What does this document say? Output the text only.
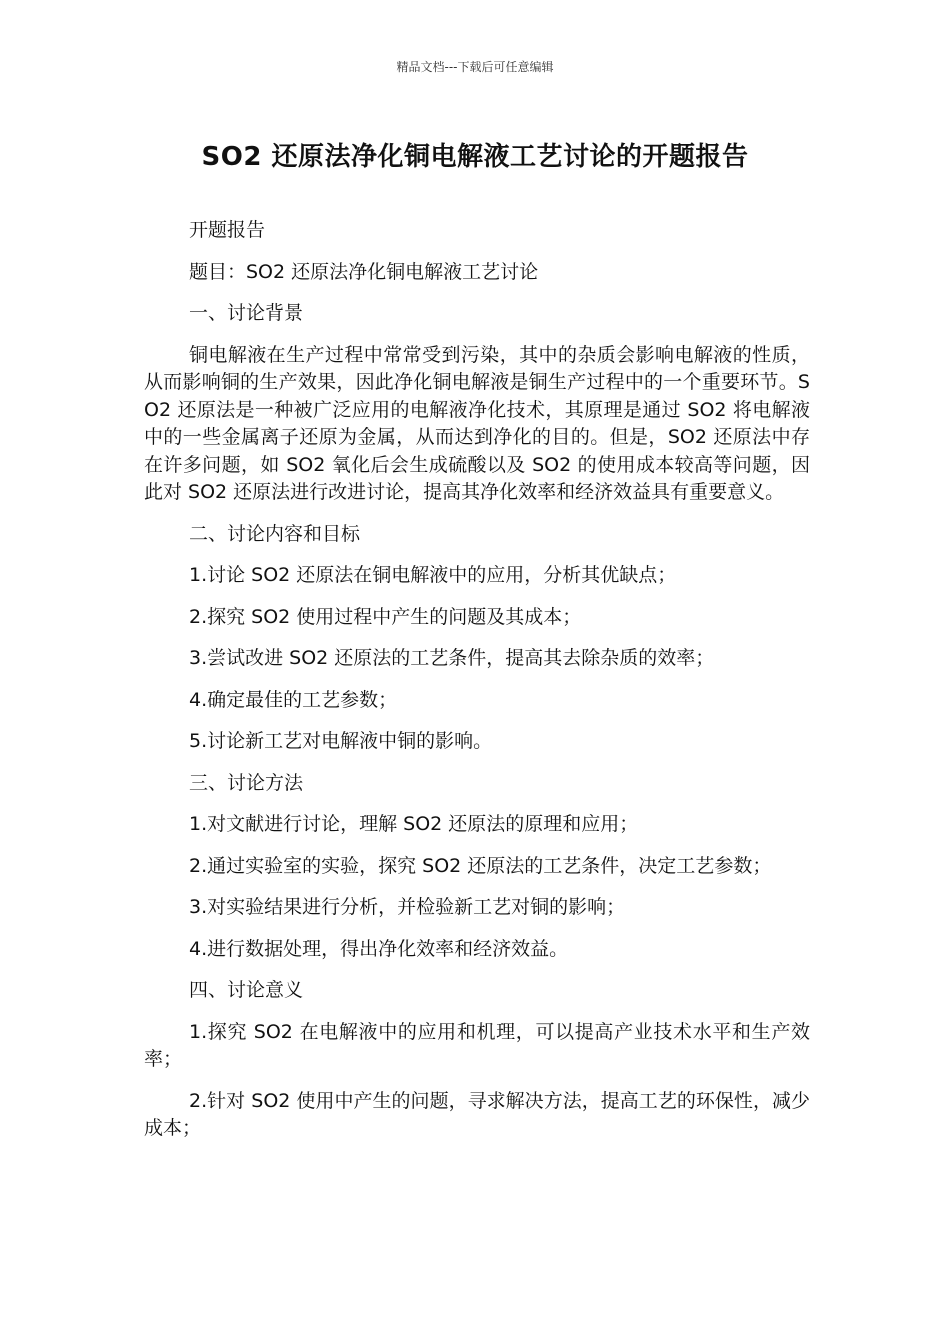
精品文档---下载后可任意编辑
SO2 还原法净化铜电解液工艺讨论的开题报告

开题报告

题目：SO2 还原法净化铜电解液工艺讨论

一、讨论背景

铜电解液在生产过程中常常受到污染，其中的杂质会影响电解液的性质，从而影响铜的生产效果，因此净化铜电解液是铜生产过程中的一个重要环节。SO2 还原法是一种被广泛应用的电解液净化技术，其原理是通过 SO2 将电解液中的一些金属离子还原为金属，从而达到净化的目的。但是，SO2 还原法中存在许多问题，如 SO2 氧化后会生成硫酸以及 SO2 的使用成本较高等问题，因此对 SO2 还原法进行改进讨论，提高其净化效率和经济效益具有重要意义。

二、讨论内容和目标

1.讨论 SO2 还原法在铜电解液中的应用，分析其优缺点；

2.探究 SO2 使用过程中产生的问题及其成本；

3.尝试改进 SO2 还原法的工艺条件，提高其去除杂质的效率；

4.确定最佳的工艺参数；

5.讨论新工艺对电解液中铜的影响。

三、讨论方法

1.对文献进行讨论，理解 SO2 还原法的原理和应用；

2.通过实验室的实验，探究 SO2 还原法的工艺条件，决定工艺参数；

3.对实验结果进行分析，并检验新工艺对铜的影响；

4.进行数据处理，得出净化效率和经济效益。

四、讨论意义

1.探究 SO2 在电解液中的应用和机理，可以提高产业技术水平和生产效率；

2.针对 SO2 使用中产生的问题，寻求解决方法，提高工艺的环保性，减少成本；
